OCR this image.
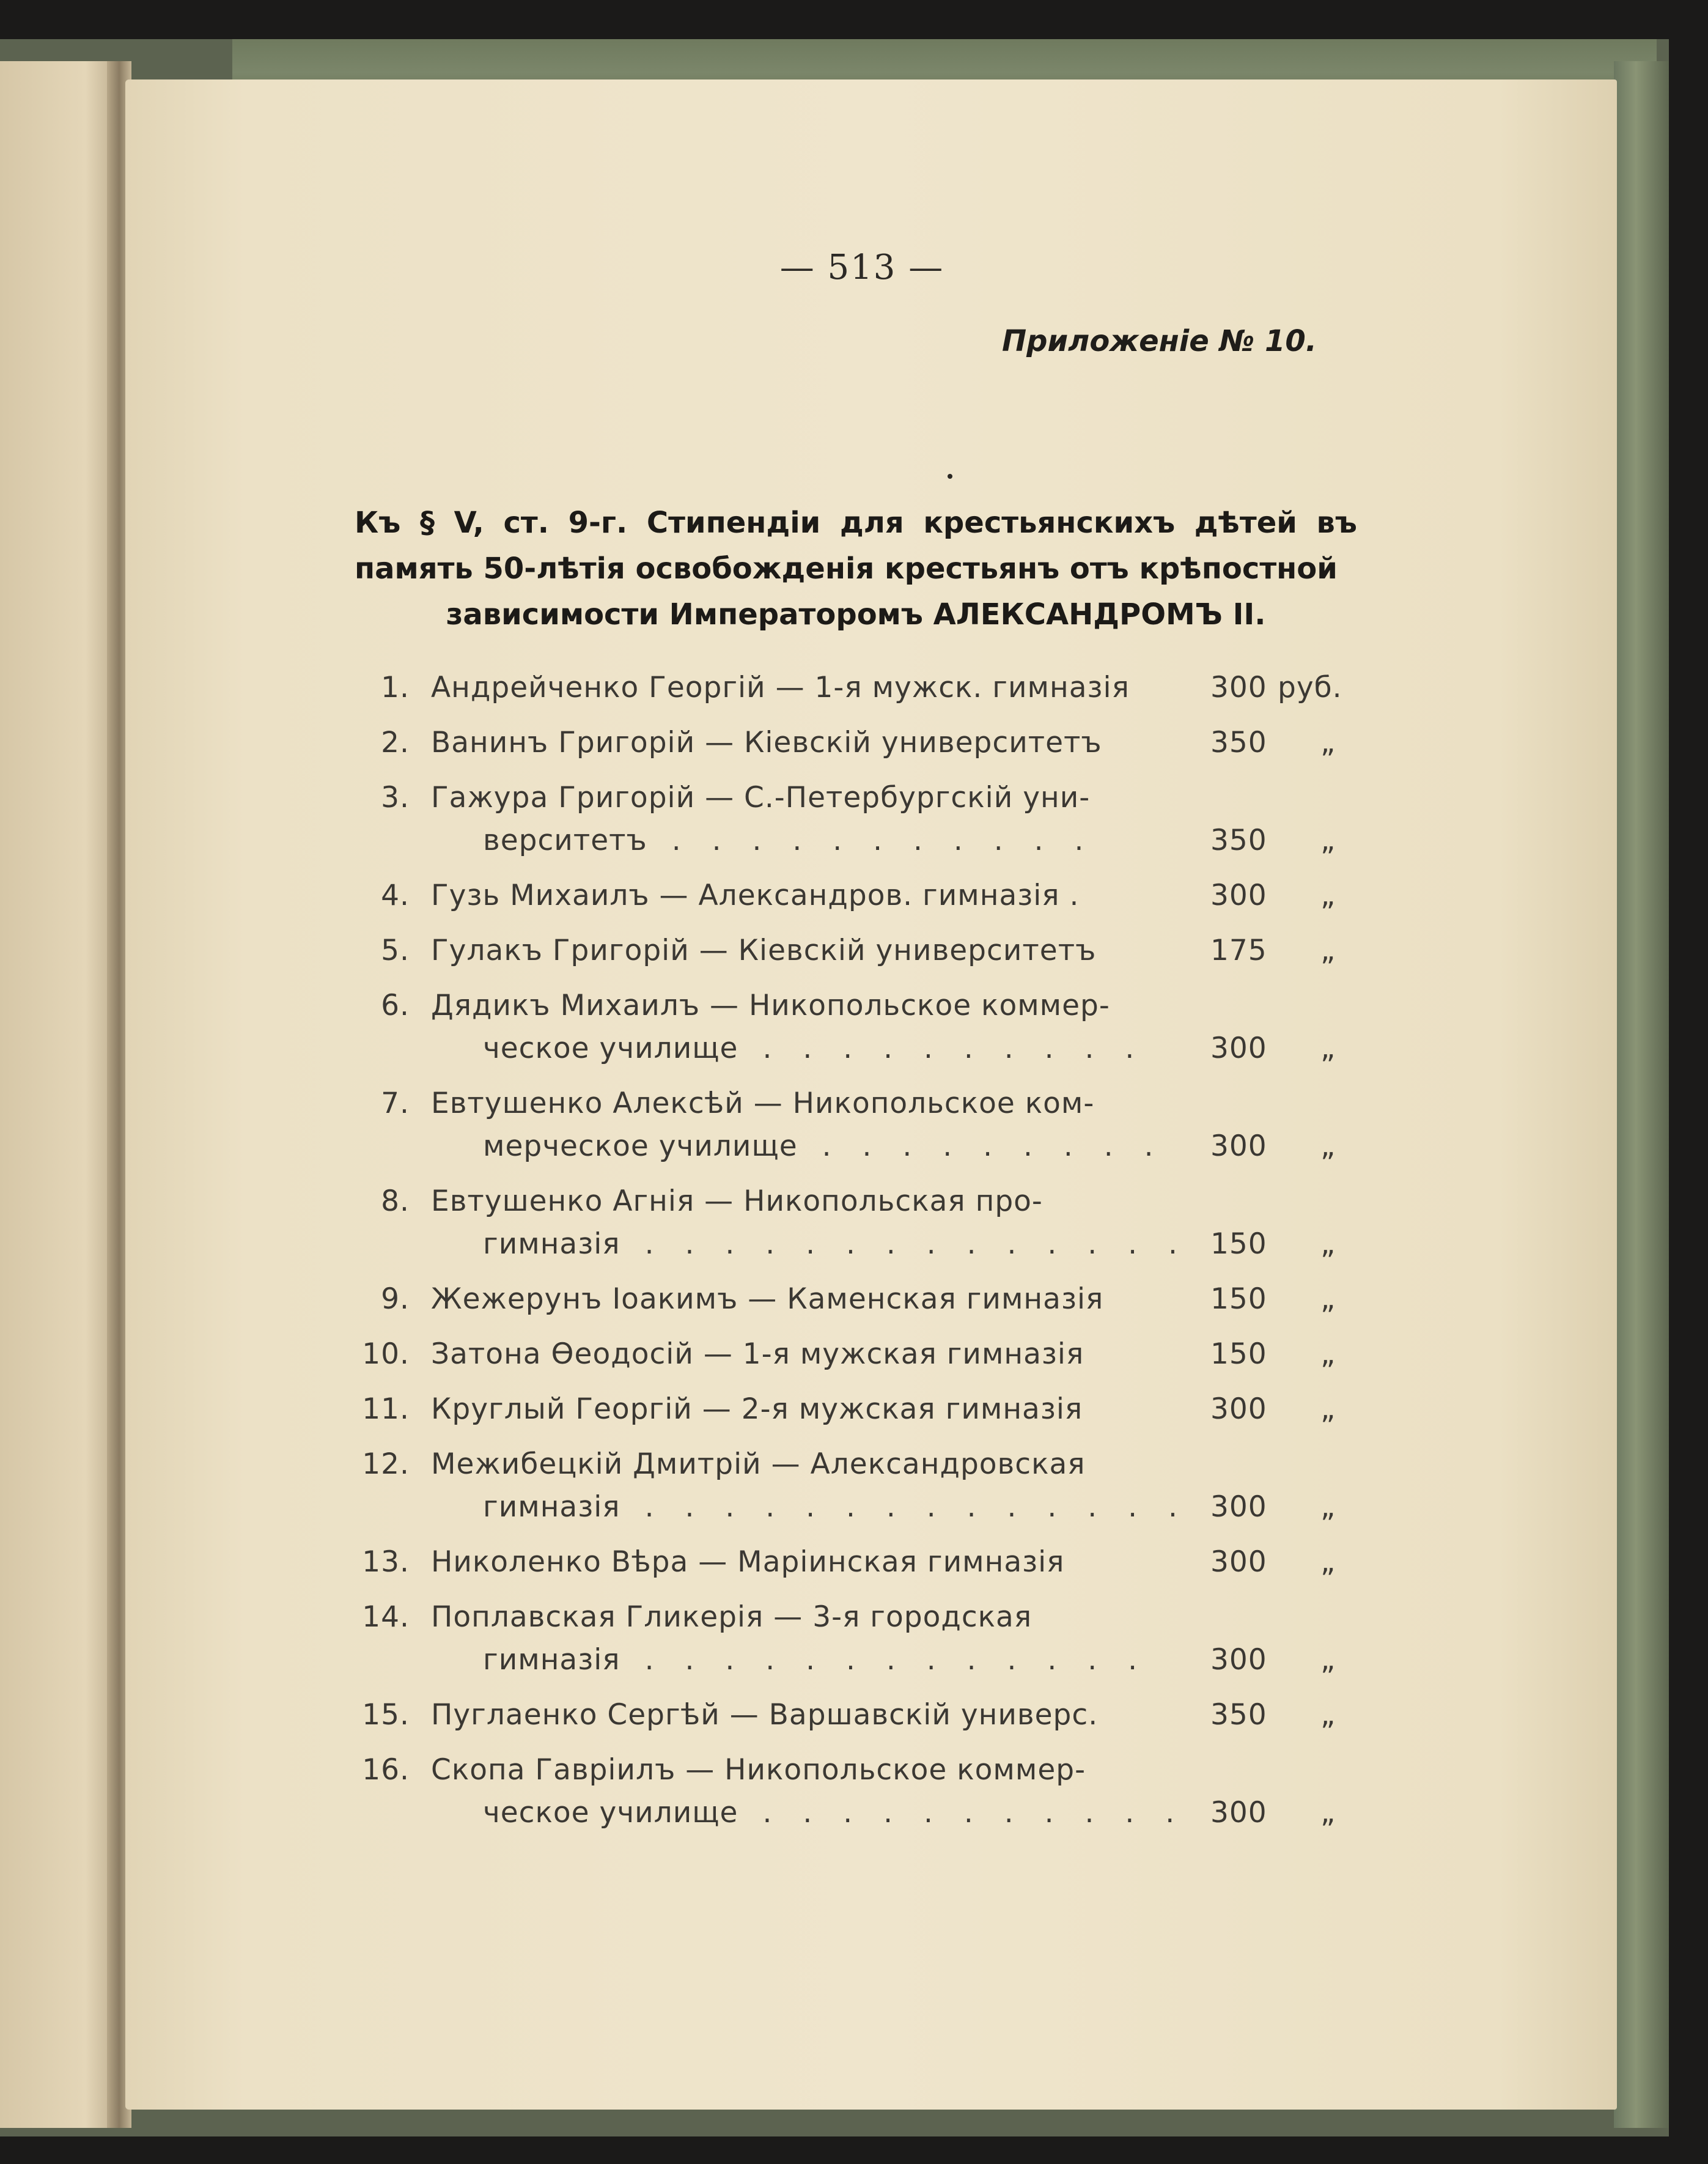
— 513 —
Приложенie № 10.
Къ § V, ст. 9-г. Стипендiи для крестьянскихъ дѣтей въ память 50-лѣтiя освобожденiя крестьянъ отъ крѣпостной
зависимости Императоромъ АЛЕКСАНДРОМЪ II.
1. Андрейченко Георгiй — 1-я мужск. гимназiя	300 руб.
2. Ванинъ Григорiй — Кiевскiй университетъ	350 „
3. Гажура Григорiй — С.-Петербургскiй уни-
верситетъ . . . . . . . . . . .	350 „
4. Гузь Михаилъ — Александров. гимназiя .	300 „
5. Гулакъ Григорiй — Кiевскiй университетъ	175 „
6. Дядикъ Михаилъ — Никопольское коммер-
ческое училище . . . . . . . . . . 300 „
7. Евтушенко Алексѣй — Никопольское ком-
мерческое училище . . . . . . . . . 300 „
8. Евтушенко Агнiя — Никопольская про-
гимназiя . . . . . . . . . . . . . . 150 „
9. Жежерунъ Iоакимъ — Каменская гимназiя	150 „
10. Затона Ѳеодосiй — 1-я мужская гимназiя	150 „
11. Круглый Георгiй — 2-я мужская гимназiя	300 „
12. Межибецкiй Дмитрiй — Александровская
гимназiя . . . . . . . . . . . . . . 300 „
13. Николенко Вѣра — Марiинская гимназiя	300 „
14. Поплавская Гликерiя — 3-я городская
гимназiя . . . . . . . . . . . . . 300 „
15. Пуглаенко Сергѣй — Варшавскiй универс.	350 „
16. Скопа Гаврiилъ — Никопольское коммер-
ческое училище . . . . . . . . . . . 300 „
